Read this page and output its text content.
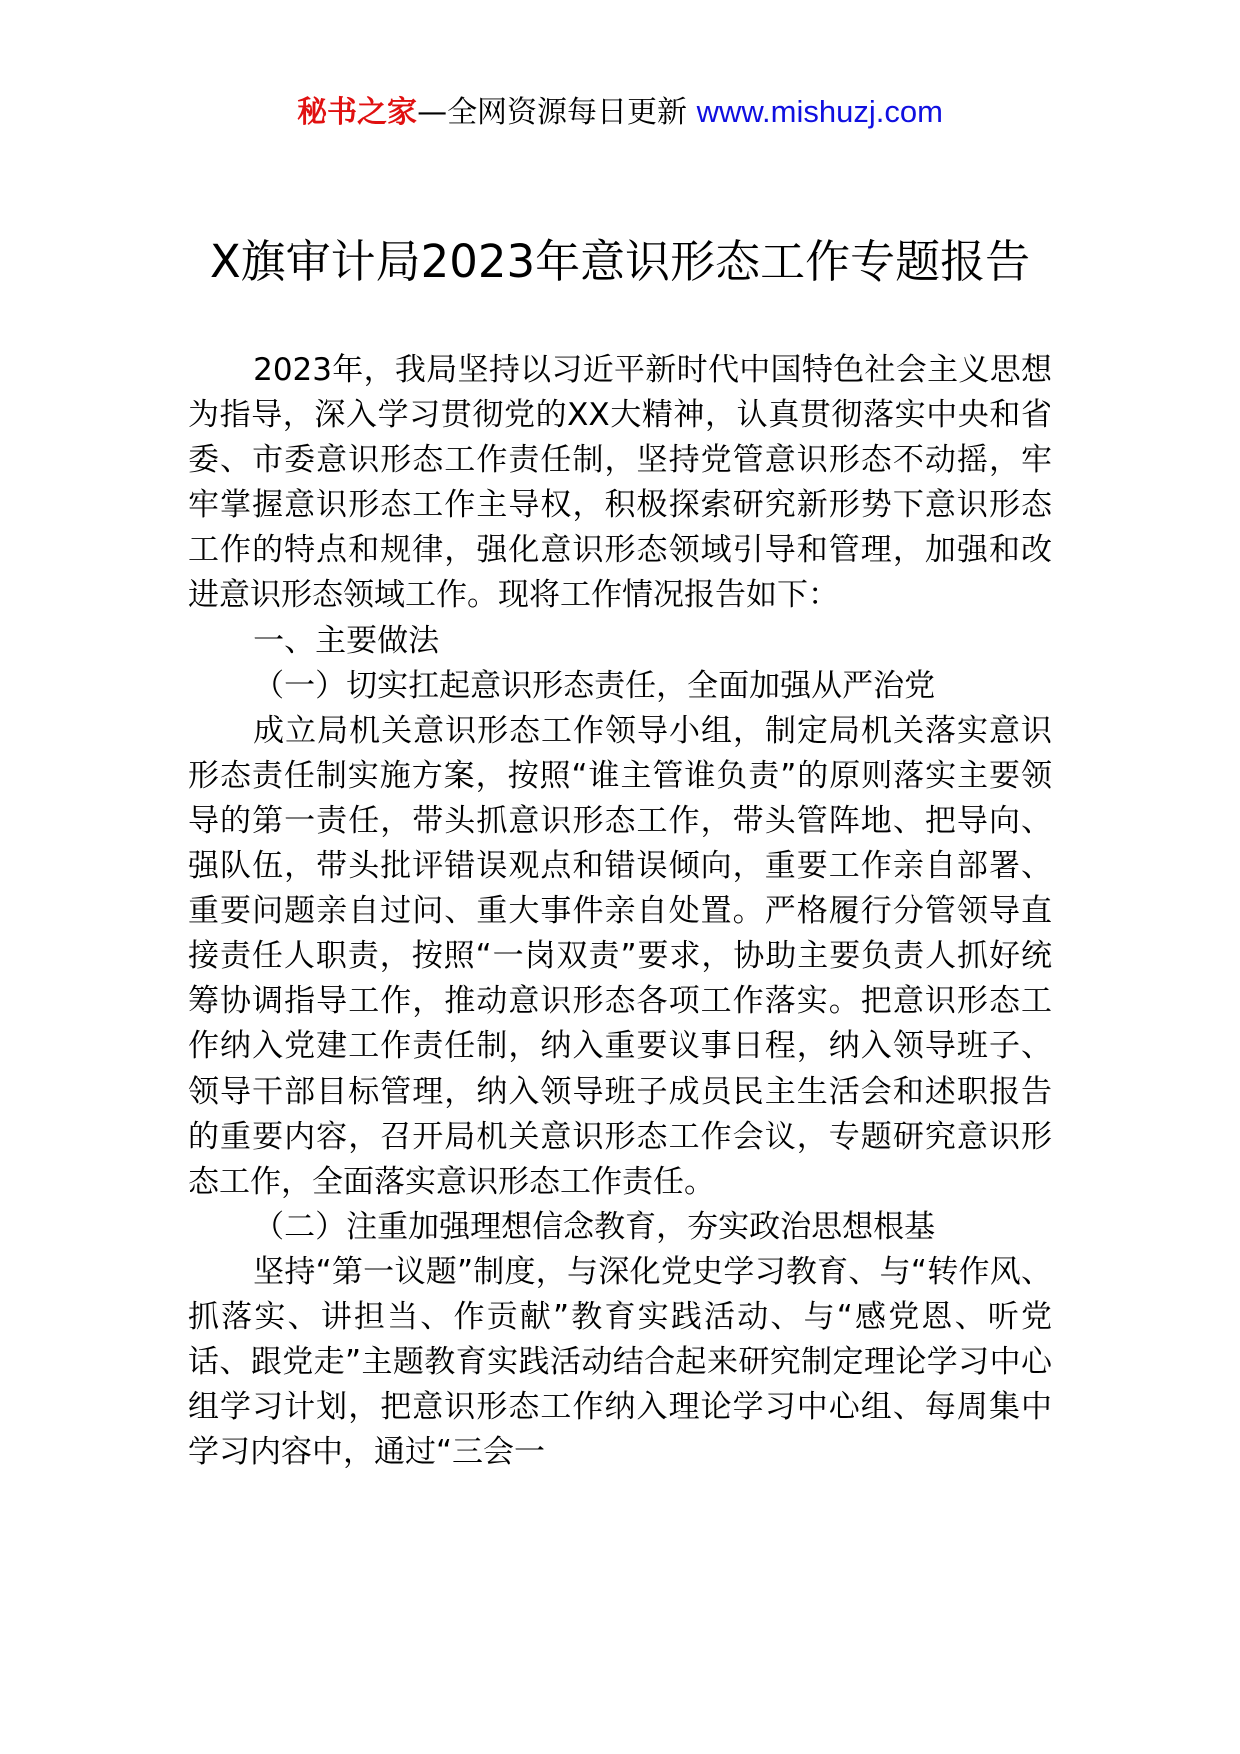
秘书之家—全网资源每日更新 www.mishuzj.com
X旗审计局2023年意识形态工作专题报告

2023年，我局坚持以习近平新时代中国特色社会主义思想为指导，深入学习贯彻党的XX大精神，认真贯彻落实中央和省委、市委意识形态工作责任制，坚持党管意识形态不动摇，牢牢掌握意识形态工作主导权，积极探索研究新形势下意识形态工作的特点和规律，强化意识形态领域引导和管理，加强和改进意识形态领域工作。现将工作情况报告如下：

一、主要做法

（一）切实扛起意识形态责任，全面加强从严治党

成立局机关意识形态工作领导小组，制定局机关落实意识形态责任制实施方案，按照“谁主管谁负责”的原则落实主要领导的第一责任，带头抓意识形态工作，带头管阵地、把导向、强队伍，带头批评错误观点和错误倾向，重要工作亲自部署、重要问题亲自过问、重大事件亲自处置。严格履行分管领导直接责任人职责，按照“一岗双责”要求，协助主要负责人抓好统筹协调指导工作，推动意识形态各项工作落实。把意识形态工作纳入党建工作责任制，纳入重要议事日程，纳入领导班子、领导干部目标管理，纳入领导班子成员民主生活会和述职报告的重要内容，召开局机关意识形态工作会议，专题研究意识形态工作，全面落实意识形态工作责任。

（二）注重加强理想信念教育，夯实政治思想根基

坚持“第一议题”制度，与深化党史学习教育、与“转作风、抓落实、讲担当、作贡献”教育实践活动、与“感党恩、听党话、跟党走”主题教育实践活动结合起来研究制定理论学习中心组学习计划，把意识形态工作纳入理论学习中心组、每周集中学习内容中，通过“三会一
